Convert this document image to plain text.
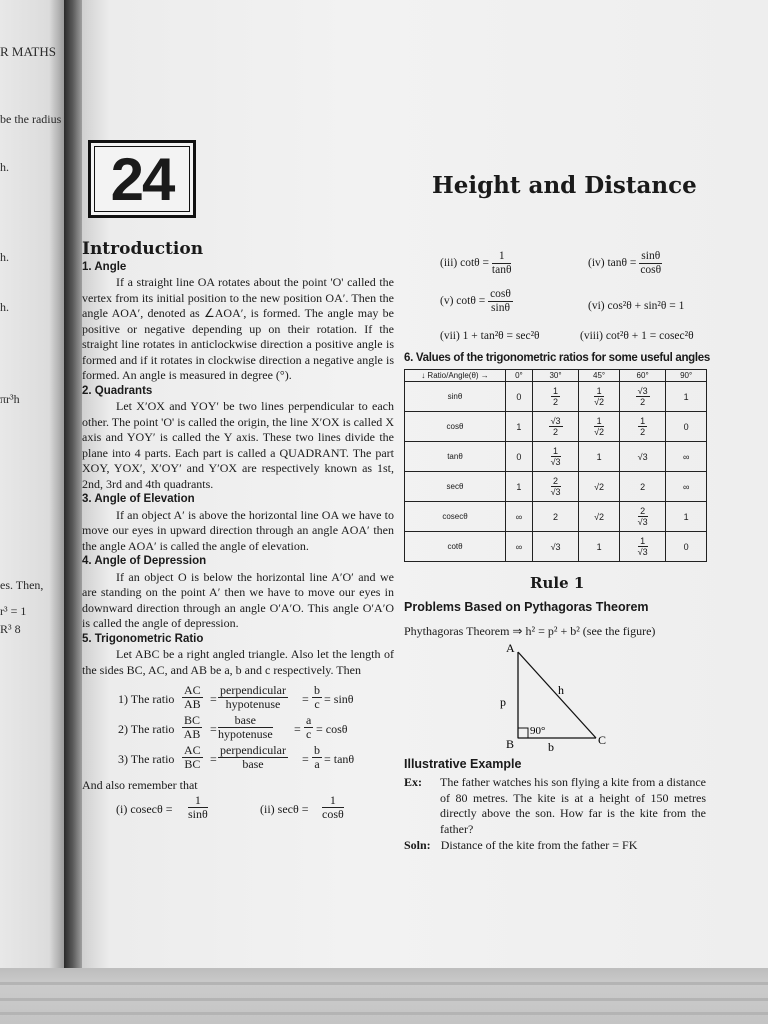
R MATHS
be the radius
h.
h.
h.
πr³h
es. Then,
r³ = 1
R³ 8
24	Height and Distance
Introduction
1. Angle

If a straight line OA rotates about the point 'O' called the vertex from its initial position to the new position OA′. Then the angle AOA′, denoted as ∠AOA′, is formed. The angle may be positive or negative depending up on their rotation. If the straight line rotates in anticlockwise direction a positive angle is formed and if it rotates in clockwise direction a negative angle is formed. An angle is measured in degree (°).

2. Quadrants

Let X′OX and YOY′ be two lines perpendicular to each other. The point 'O' is called the origin, the line X′OX is called X axis and YOY′ is called the Y axis. These two lines divide the plane into 4 parts. Each part is called a QUADRANT. The part XOY, YOX′, X′OY′ and Y′OX are respectively known as 1st, 2nd, 3rd and 4th quadrants.

3. Angle of Elevation

If an object A′ is above the horizontal line OA we have to move our eyes in upward direction through an angle AOA′ then the angle AOA′ is called the angle of elevation.

4. Angle of Depression

If an object O is below the horizontal line A′O′ and we are standing on the point A′ then we have to move our eyes in downward direction through an angle O′A′O. This angle O′A′O is called the angle of depression.

5. Trigonometric Ratio

Let ABC be a right angled triangle. Also let the length of the sides BC, AC, and AB be a, b and c respectively. Then

1) The ratio $\frac{AC}{AB}$ =
perpendicular
hypotenuse	= $\frac{b}{c} = \sin\theta$
2) The ratio $\frac{BC}{AB}$ =
base
hypotenuse = $\frac{a}{c} = \cos\theta$
3) The ratio $\frac{AC}{BC}$ =
perpendicular
base	= $\frac{b}{a} = \tan\theta$
And also remember that
(i) $cosec\theta = \frac{1}{\sin\theta}$	(ii) $\sec\theta = \frac{1}{\cos\theta}$
(iii) $\cot\theta = \frac{1}{\tan\theta}$	(iv) $\tan\theta = \frac{\sin\theta}{\cos\theta}$
(v) $\cot\theta = \frac{\cos\theta}{\sin\theta}$	(vi) cos²θ + sin²θ = 1
(vii) 1 + tan²θ = sec²θ	(viii) cot²θ + 1 = cosec²θ
6. Values of the trigonometric ratios for some useful angles
↓ Ratio/Angle(θ) →	0°	30°	45°	60°	90°
sinθ	0	$\frac{1}{2}$	$\frac{1}{√2}$	$\frac{√3}{2}$	1
cosθ	1	$\frac{√3}{2}$	$\frac{1}{√2}$	$\frac{1}{2}$	0
tanθ	0	$\frac{1}{√3}$	1	√3	∞
secθ	1	$\frac{2}{√3}$	√2	2	∞
cosecθ	∞	2	√2	$\frac{2}{√3}$	1
cotθ	∞	√3	1	$\frac{1}{√3}$	0
Rule 1
Problems Based on Pythagoras Theorem
Phythagoras Theorem ⇒ h² = p² + b² (see the figure)
A
B	C
p
h
b
90°
Illustrative Example
Ex: The father watches his son flying a kite from a distance of 80 metres. The kite is at a height of 150 metres directly above the son. How far is the kite from the father?
Soln: Distance of the kite from the father = FK
